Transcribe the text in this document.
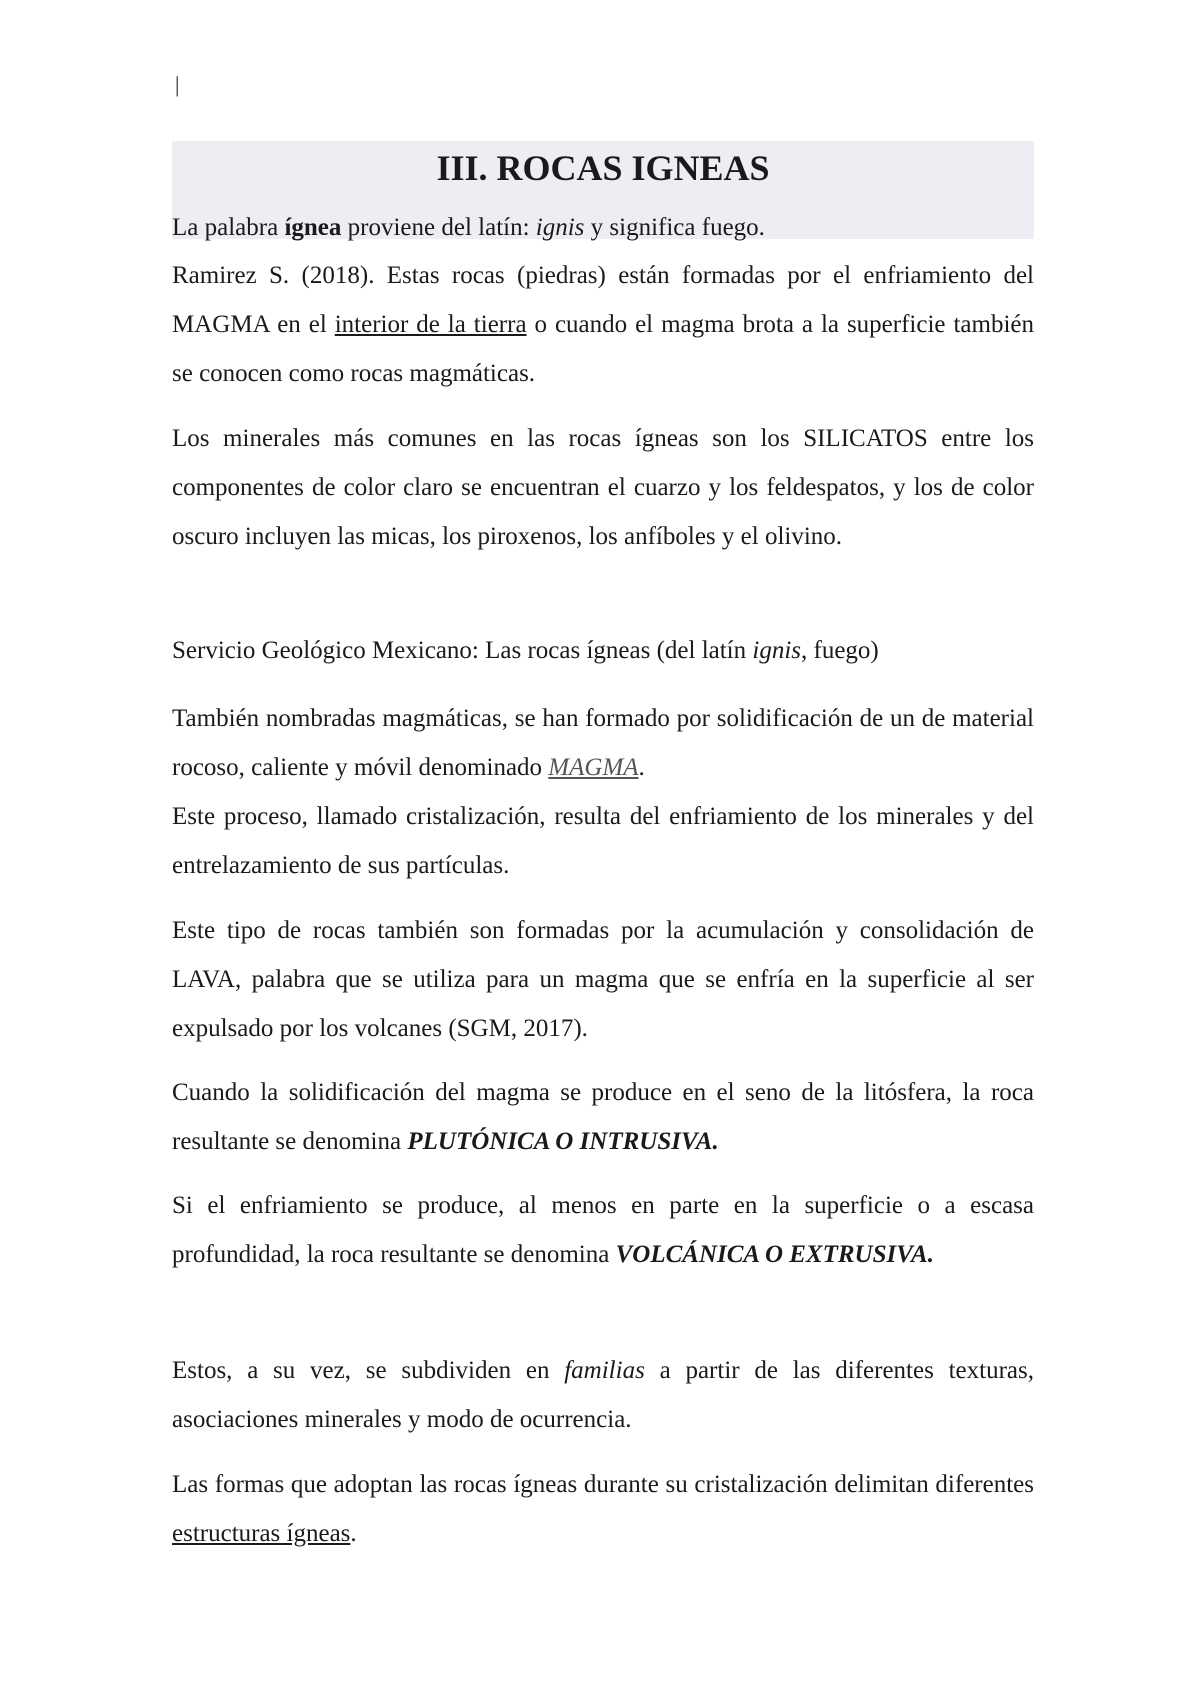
|
III. ROCAS IGNEAS

La palabra ígnea proviene del latín: ignis y significa fuego.

Ramirez S. (2018). Estas rocas (piedras) están formadas por el enfriamiento del MAGMA en el interior de la tierra o cuando el magma brota a la superficie también se conocen como rocas magmáticas.

Los minerales más comunes en las rocas ígneas son los SILICATOS entre los componentes de color claro se encuentran el cuarzo y los feldespatos, y los de color oscuro incluyen las micas, los piroxenos, los anfíboles y el olivino.

Servicio Geológico Mexicano: Las rocas ígneas (del latín ignis, fuego)

También nombradas magmáticas, se han formado por solidificación de un de material rocoso, caliente y móvil denominado MAGMA.

Este proceso, llamado cristalización, resulta del enfriamiento de los minerales y del entrelazamiento de sus partículas.

Este tipo de rocas también son formadas por la acumulación y consolidación de LAVA, palabra que se utiliza para un magma que se enfría en la superficie al ser expulsado por los volcanes (SGM, 2017).

Cuando la solidificación del magma se produce en el seno de la litósfera, la roca resultante se denomina PLUTÓNICA O INTRUSIVA.

Si el enfriamiento se produce, al menos en parte en la superficie o a escasa profundidad, la roca resultante se denomina VOLCÁNICA O EXTRUSIVA.

Estos, a su vez, se subdividen en familias a partir de las diferentes texturas, asociaciones minerales y modo de ocurrencia.

Las formas que adoptan las rocas ígneas durante su cristalización delimitan diferentes estructuras ígneas.
